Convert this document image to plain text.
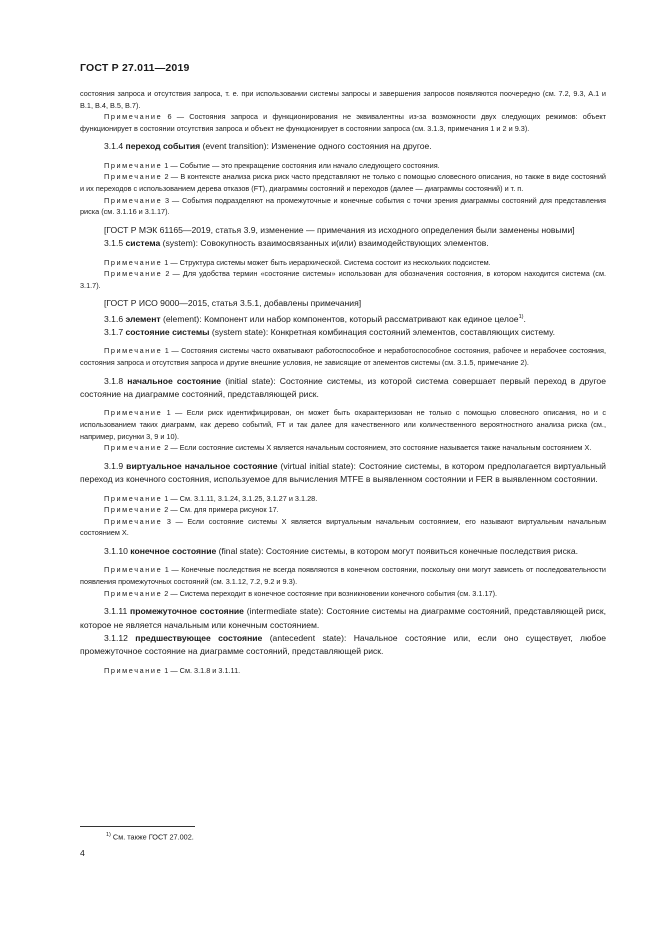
ГОСТ Р 27.011—2019

состояния запроса и отсутствия запроса, т. е. при использовании системы запросы и завершения запросов появляются поочередно (см. 7.2, 9.3, А.1 и В.1, В.4, В.5, В.7).

Примечание 6 — Состояния запроса и функционирования не эквивалентны из-за возможности двух следующих режимов: объект функционирует в состоянии отсутствия запроса и объект не функционирует в состоянии запроса (см. 3.1.3, примечания 1 и 2 и 9.3).

3.1.4 переход события (event transition): Изменение одного состояния на другое.

Примечание 1 — Событие — это прекращение состояния или начало следующего состояния.

Примечание 2 — В контексте анализа риска риск часто представляют не только с помощью словесного описания, но также в виде состояний и их переходов с использованием дерева отказов (FT), диаграммы состояний и переходов (далее — диаграммы состояний) и т. п.

Примечание 3 — События подразделяют на промежуточные и конечные события с точки зрения диаграммы состояний для представления риска (см. 3.1.16 и 3.1.17).

[ГОСТ Р МЭК 61165—2019, статья 3.9, изменение — примечания из исходного определения были заменены новыми]

3.1.5 система (system): Совокупность взаимосвязанных и(или) взаимодействующих элементов.

Примечание 1 — Структура системы может быть иерархической. Система состоит из нескольких подсистем.

Примечание 2 — Для удобства термин «состояние системы» использован для обозначения состояния, в котором находится система (см. 3.1.7).

[ГОСТ Р ИСО 9000—2015, статья 3.5.1, добавлены примечания]

3.1.6 элемент (element): Компонент или набор компонентов, который рассматривают как единое целое$^{1)}$.

3.1.7 состояние системы (system state): Конкретная комбинация состояний элементов, составляющих систему.

Примечание 1 — Состояния системы часто охватывают работоспособное и неработоспособное состояния, рабочее и нерабочее состояния, состояния запроса и отсутствия запроса и другие внешние условия, не зависящие от элементов системы (см. 3.1.5, примечание 2).

3.1.8 начальное состояние (initial state): Состояние системы, из которой система совершает первый переход в другое состояние на диаграмме состояний, представляющей риск.

Примечание 1 — Если риск идентифицирован, он может быть охарактеризован не только с помощью словесного описания, но и с использованием таких диаграмм, как дерево событий, FT и так далее для качественного или количественного вероятностного анализа риска (см., например, рисунки 3, 9 и 10).

Примечание 2 — Если состояние системы X является начальным состоянием, это состояние называется также начальным состоянием X.

3.1.9 виртуальное начальное состояние (virtual initial state): Состояние системы, в котором предполагается виртуальный переход из конечного состояния, используемое для вычисления MTFE в выявленном состоянии и FER в выявленном состоянии.

Примечание 1 — См. 3.1.11, 3.1.24, 3.1.25, 3.1.27 и 3.1.28.

Примечание 2 — См. для примера рисунок 17.

Примечание 3 — Если состояние системы X является виртуальным начальным состоянием, его называют виртуальным начальным состоянием X.

3.1.10 конечное состояние (final state): Состояние системы, в котором могут появиться конечные последствия риска.

Примечание 1 — Конечные последствия не всегда появляются в конечном состоянии, поскольку они могут зависеть от последовательности появления промежуточных состояний (см. 3.1.12, 7.2, 9.2 и 9.3).

Примечание 2 — Система переходит в конечное состояние при возникновении конечного события (см. 3.1.17).

3.1.11 промежуточное состояние (intermediate state): Состояние системы на диаграмме состояний, представляющей риск, которое не является начальным или конечным состоянием.

3.1.12 предшествующее состояние (antecedent state): Начальное состояние или, если оно существует, любое промежуточное состояние на диаграмме состояний, представляющей риск.

Примечание 1 — См. 3.1.8 и 3.1.11.

$^{1)}$ См. также ГОСТ 27.002.
4
